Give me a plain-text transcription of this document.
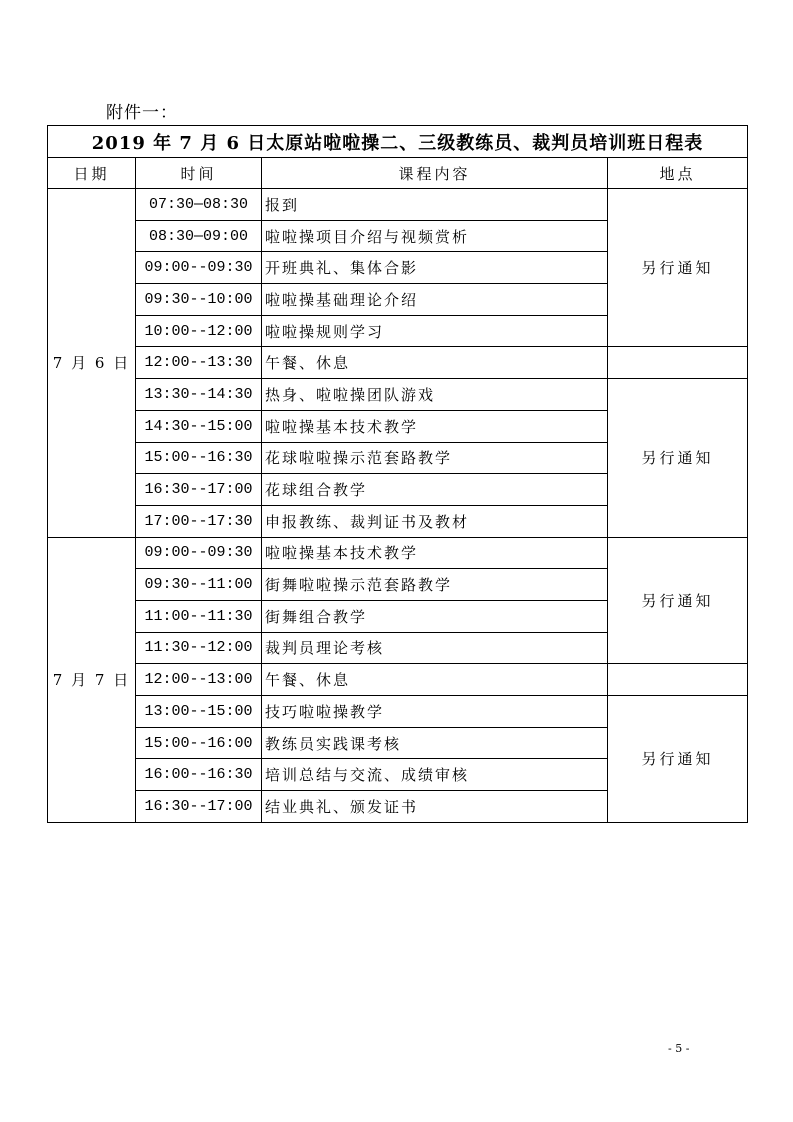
附件一：
2019 年 7 月 6 日太原站啦啦操二、三级教练员、裁判员培训班日程表			
日期	时间	课程内容	地点
7 月 6 日	07:30—08:30	报到	另行通知
	08:30—09:00	啦啦操项目介绍与视频赏析	
	09:00--09:30	开班典礼、集体合影	
	09:30--10:00	啦啦操基础理论介绍	
	10:00--12:00	啦啦操规则学习	
	12:00--13:30	午餐、休息	
	13:30--14:30	热身、啦啦操团队游戏	另行通知
	14:30--15:00	啦啦操基本技术教学	
	15:00--16:30	花球啦啦操示范套路教学	
	16:30--17:00	花球组合教学	
	17:00--17:30	申报教练、裁判证书及教材	
7 月 7 日	09:00--09:30	啦啦操基本技术教学	另行通知
	09:30--11:00	街舞啦啦操示范套路教学	
	11:00--11:30	街舞组合教学	
	11:30--12:00	裁判员理论考核	
	12:00--13:00	午餐、休息	
	13:00--15:00	技巧啦啦操教学	另行通知
	15:00--16:00	教练员实践课考核	
	16:00--16:30	培训总结与交流、成绩审核	
	16:30--17:00	结业典礼、颁发证书	
- 5 -
